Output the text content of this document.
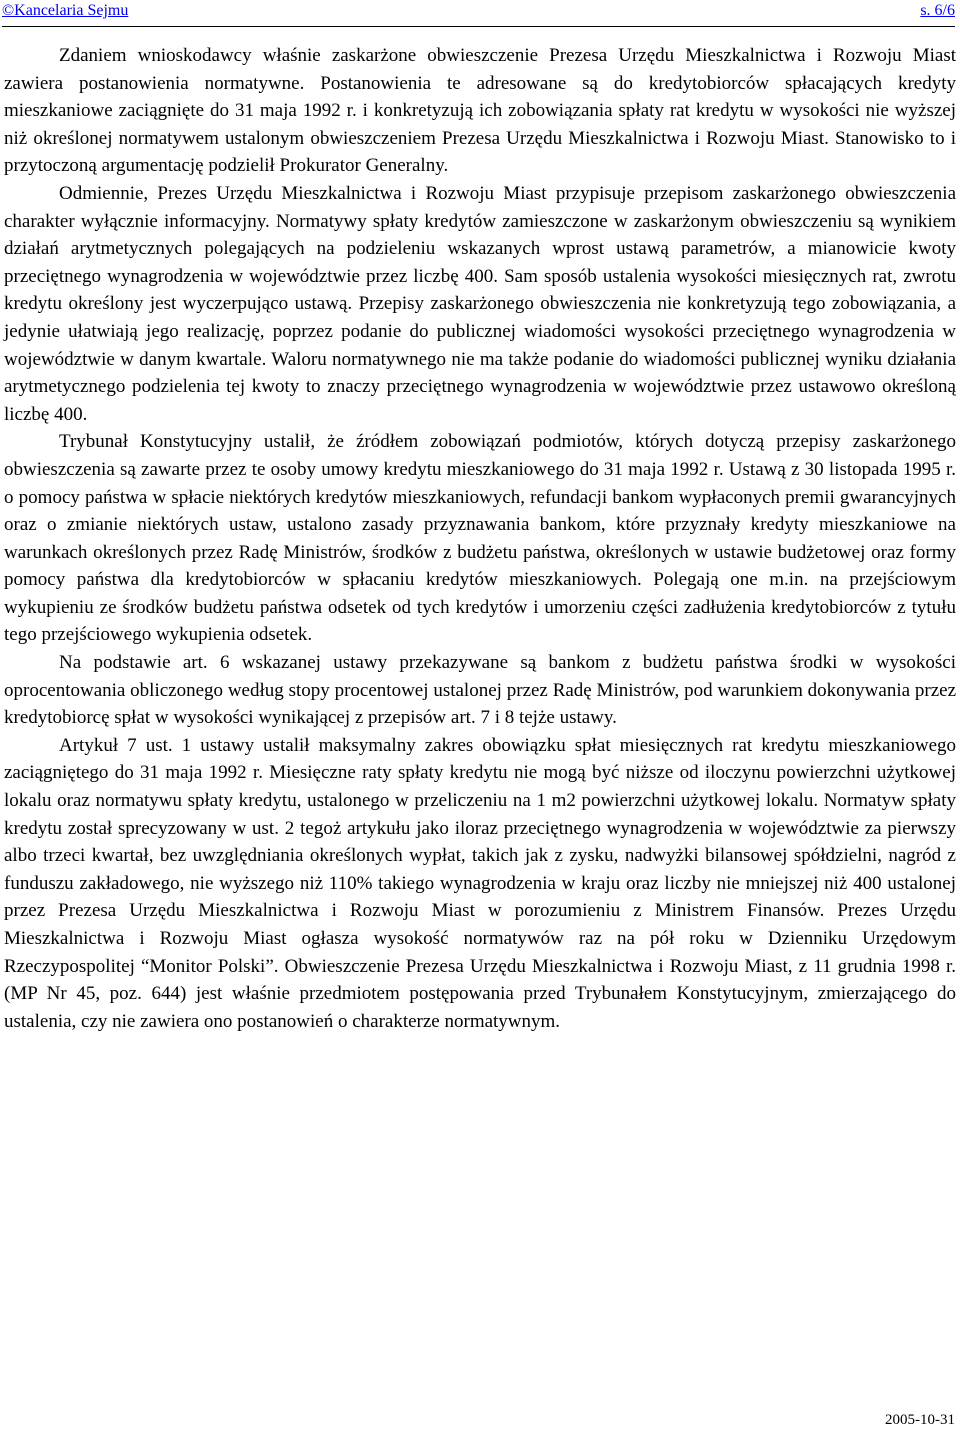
©Kancelaria Sejmu	s. 6/6

Zdaniem wnioskodawcy właśnie zaskarżone obwieszczenie Prezesa Urzędu Mieszkalnictwa i Rozwoju Miast zawiera postanowienia normatywne. Postanowienia te adresowane są do kredytobiorców spłacających kredyty mieszkaniowe zaciągnięte do 31 maja 1992 r. i konkretyzują ich zobowiązania spłaty rat kredytu w wysokości nie wyższej niż określonej normatywem ustalonym obwieszczeniem Prezesa Urzędu Mieszkalnictwa i Rozwoju Miast. Stanowisko to i przytoczoną argumentację podzielił Prokurator Generalny.

Odmiennie, Prezes Urzędu Mieszkalnictwa i Rozwoju Miast przypisuje przepisom zaskarżonego obwieszczenia charakter wyłącznie informacyjny. Normatywy spłaty kredytów zamieszczone w zaskarżonym obwieszczeniu są wynikiem działań arytmetycznych polegających na podzieleniu wskazanych wprost ustawą parametrów, a mianowicie kwoty przeciętnego wynagrodzenia w województwie przez liczbę 400. Sam sposób ustalenia wysokości miesięcznych rat, zwrotu kredytu określony jest wyczerpująco ustawą. Przepisy zaskarżonego obwieszczenia nie konkretyzują tego zobowiązania, a jedynie ułatwiają jego realizację, poprzez podanie do publicznej wiadomości wysokości przeciętnego wynagrodzenia w województwie w danym kwartale. Waloru normatywnego nie ma także podanie do wiadomości publicznej wyniku działania arytmetycznego podzielenia tej kwoty to znaczy przeciętnego wynagrodzenia w województwie przez ustawowo określoną liczbę 400.

Trybunał Konstytucyjny ustalił, że źródłem zobowiązań podmiotów, których dotyczą przepisy zaskarżonego obwieszczenia są zawarte przez te osoby umowy kredytu mieszkaniowego do 31 maja 1992 r. Ustawą z 30 listopada 1995 r. o pomocy państwa w spłacie niektórych kredytów mieszkaniowych, refundacji bankom wypłaconych premii gwarancyjnych oraz o zmianie niektórych ustaw, ustalono zasady przyznawania bankom, które przyznały kredyty mieszkaniowe na warunkach określonych przez Radę Ministrów, środków z budżetu państwa, określonych w ustawie budżetowej oraz formy pomocy państwa dla kredytobiorców w spłacaniu kredytów mieszkaniowych. Polegają one m.in. na przejściowym wykupieniu ze środków budżetu państwa odsetek od tych kredytów i umorzeniu części zadłużenia kredytobiorców z tytułu tego przejściowego wykupienia odsetek.

Na podstawie art. 6 wskazanej ustawy przekazywane są bankom z budżetu państwa środki w wysokości oprocentowania obliczonego według stopy procentowej ustalonej przez Radę Ministrów, pod warunkiem dokonywania przez kredytobiorcę spłat w wysokości wynikającej z przepisów art. 7 i 8 tejże ustawy.

Artykuł 7 ust. 1 ustawy ustalił maksymalny zakres obowiązku spłat miesięcznych rat kredytu mieszkaniowego zaciągniętego do 31 maja 1992 r. Miesięczne raty spłaty kredytu nie mogą być niższe od iloczynu powierzchni użytkowej lokalu oraz normatywu spłaty kredytu, ustalonego w przeliczeniu na 1 m2 powierzchni użytkowej lokalu. Normatyw spłaty kredytu został sprecyzowany w ust. 2 tegoż artykułu jako iloraz przeciętnego wynagrodzenia w województwie za pierwszy albo trzeci kwartał, bez uwzględniania określonych wypłat, takich jak z zysku, nadwyżki bilansowej spółdzielni, nagród z funduszu zakładowego, nie wyższego niż 110% takiego wynagrodzenia w kraju oraz liczby nie mniejszej niż 400 ustalonej przez Prezesa Urzędu Mieszkalnictwa i Rozwoju Miast w porozumieniu z Ministrem Finansów. Prezes Urzędu Mieszkalnictwa i Rozwoju Miast ogłasza wysokość normatywów raz na pół roku w Dzienniku Urzędowym Rzeczypospolitej “Monitor Polski”. Obwieszczenie Prezesa Urzędu Mieszkalnictwa i Rozwoju Miast, z 11 grudnia 1998 r. (MP Nr 45, poz. 644) jest właśnie przedmiotem postępowania przed Trybunałem Konstytucyjnym, zmierzającego do ustalenia, czy nie zawiera ono postanowień o charakterze normatywnym.

2005-10-31
